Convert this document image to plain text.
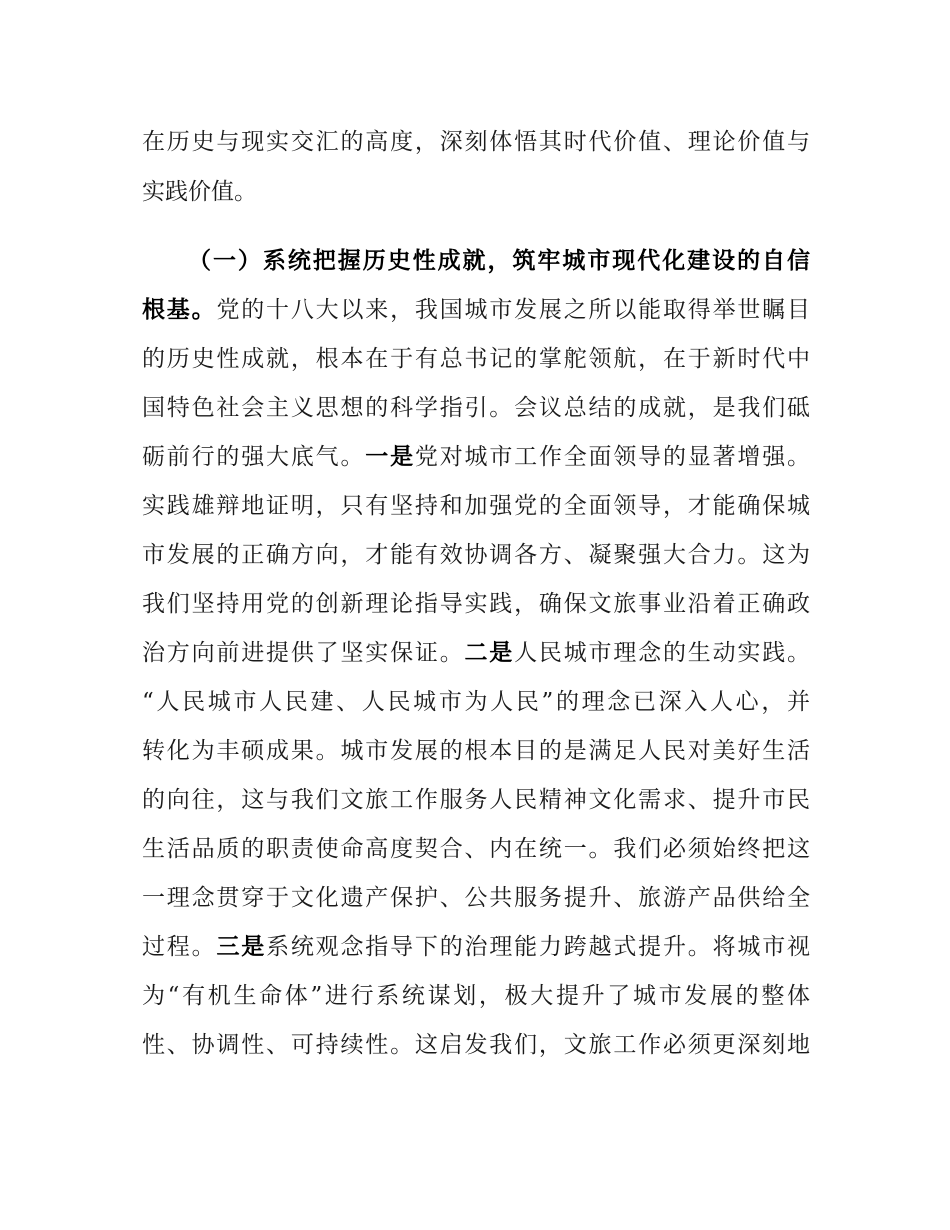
在历史与现实交汇的高度，深刻体悟其时代价值、理论价值与
实践价值。
（一）系统把握历史性成就，筑牢城市现代化建设的自信
根基。党的十八大以来，我国城市发展之所以能取得举世瞩目
的历史性成就，根本在于有总书记的掌舵领航，在于新时代中
国特色社会主义思想的科学指引。会议总结的成就，是我们砥
砺前行的强大底气。一是党对城市工作全面领导的显著增强。
实践雄辩地证明，只有坚持和加强党的全面领导，才能确保城
市发展的正确方向，才能有效协调各方、凝聚强大合力。这为
我们坚持用党的创新理论指导实践，确保文旅事业沿着正确政
治方向前进提供了坚实保证。二是人民城市理念的生动实践。
“人民城市人民建、人民城市为人民”的理念已深入人心，并
转化为丰硕成果。城市发展的根本目的是满足人民对美好生活
的向往，这与我们文旅工作服务人民精神文化需求、提升市民
生活品质的职责使命高度契合、内在统一。我们必须始终把这
一理念贯穿于文化遗产保护、公共服务提升、旅游产品供给全
过程。三是系统观念指导下的治理能力跨越式提升。将城市视
为“有机生命体”进行系统谋划，极大提升了城市发展的整体
性、协调性、可持续性。这启发我们，文旅工作必须更深刻地
